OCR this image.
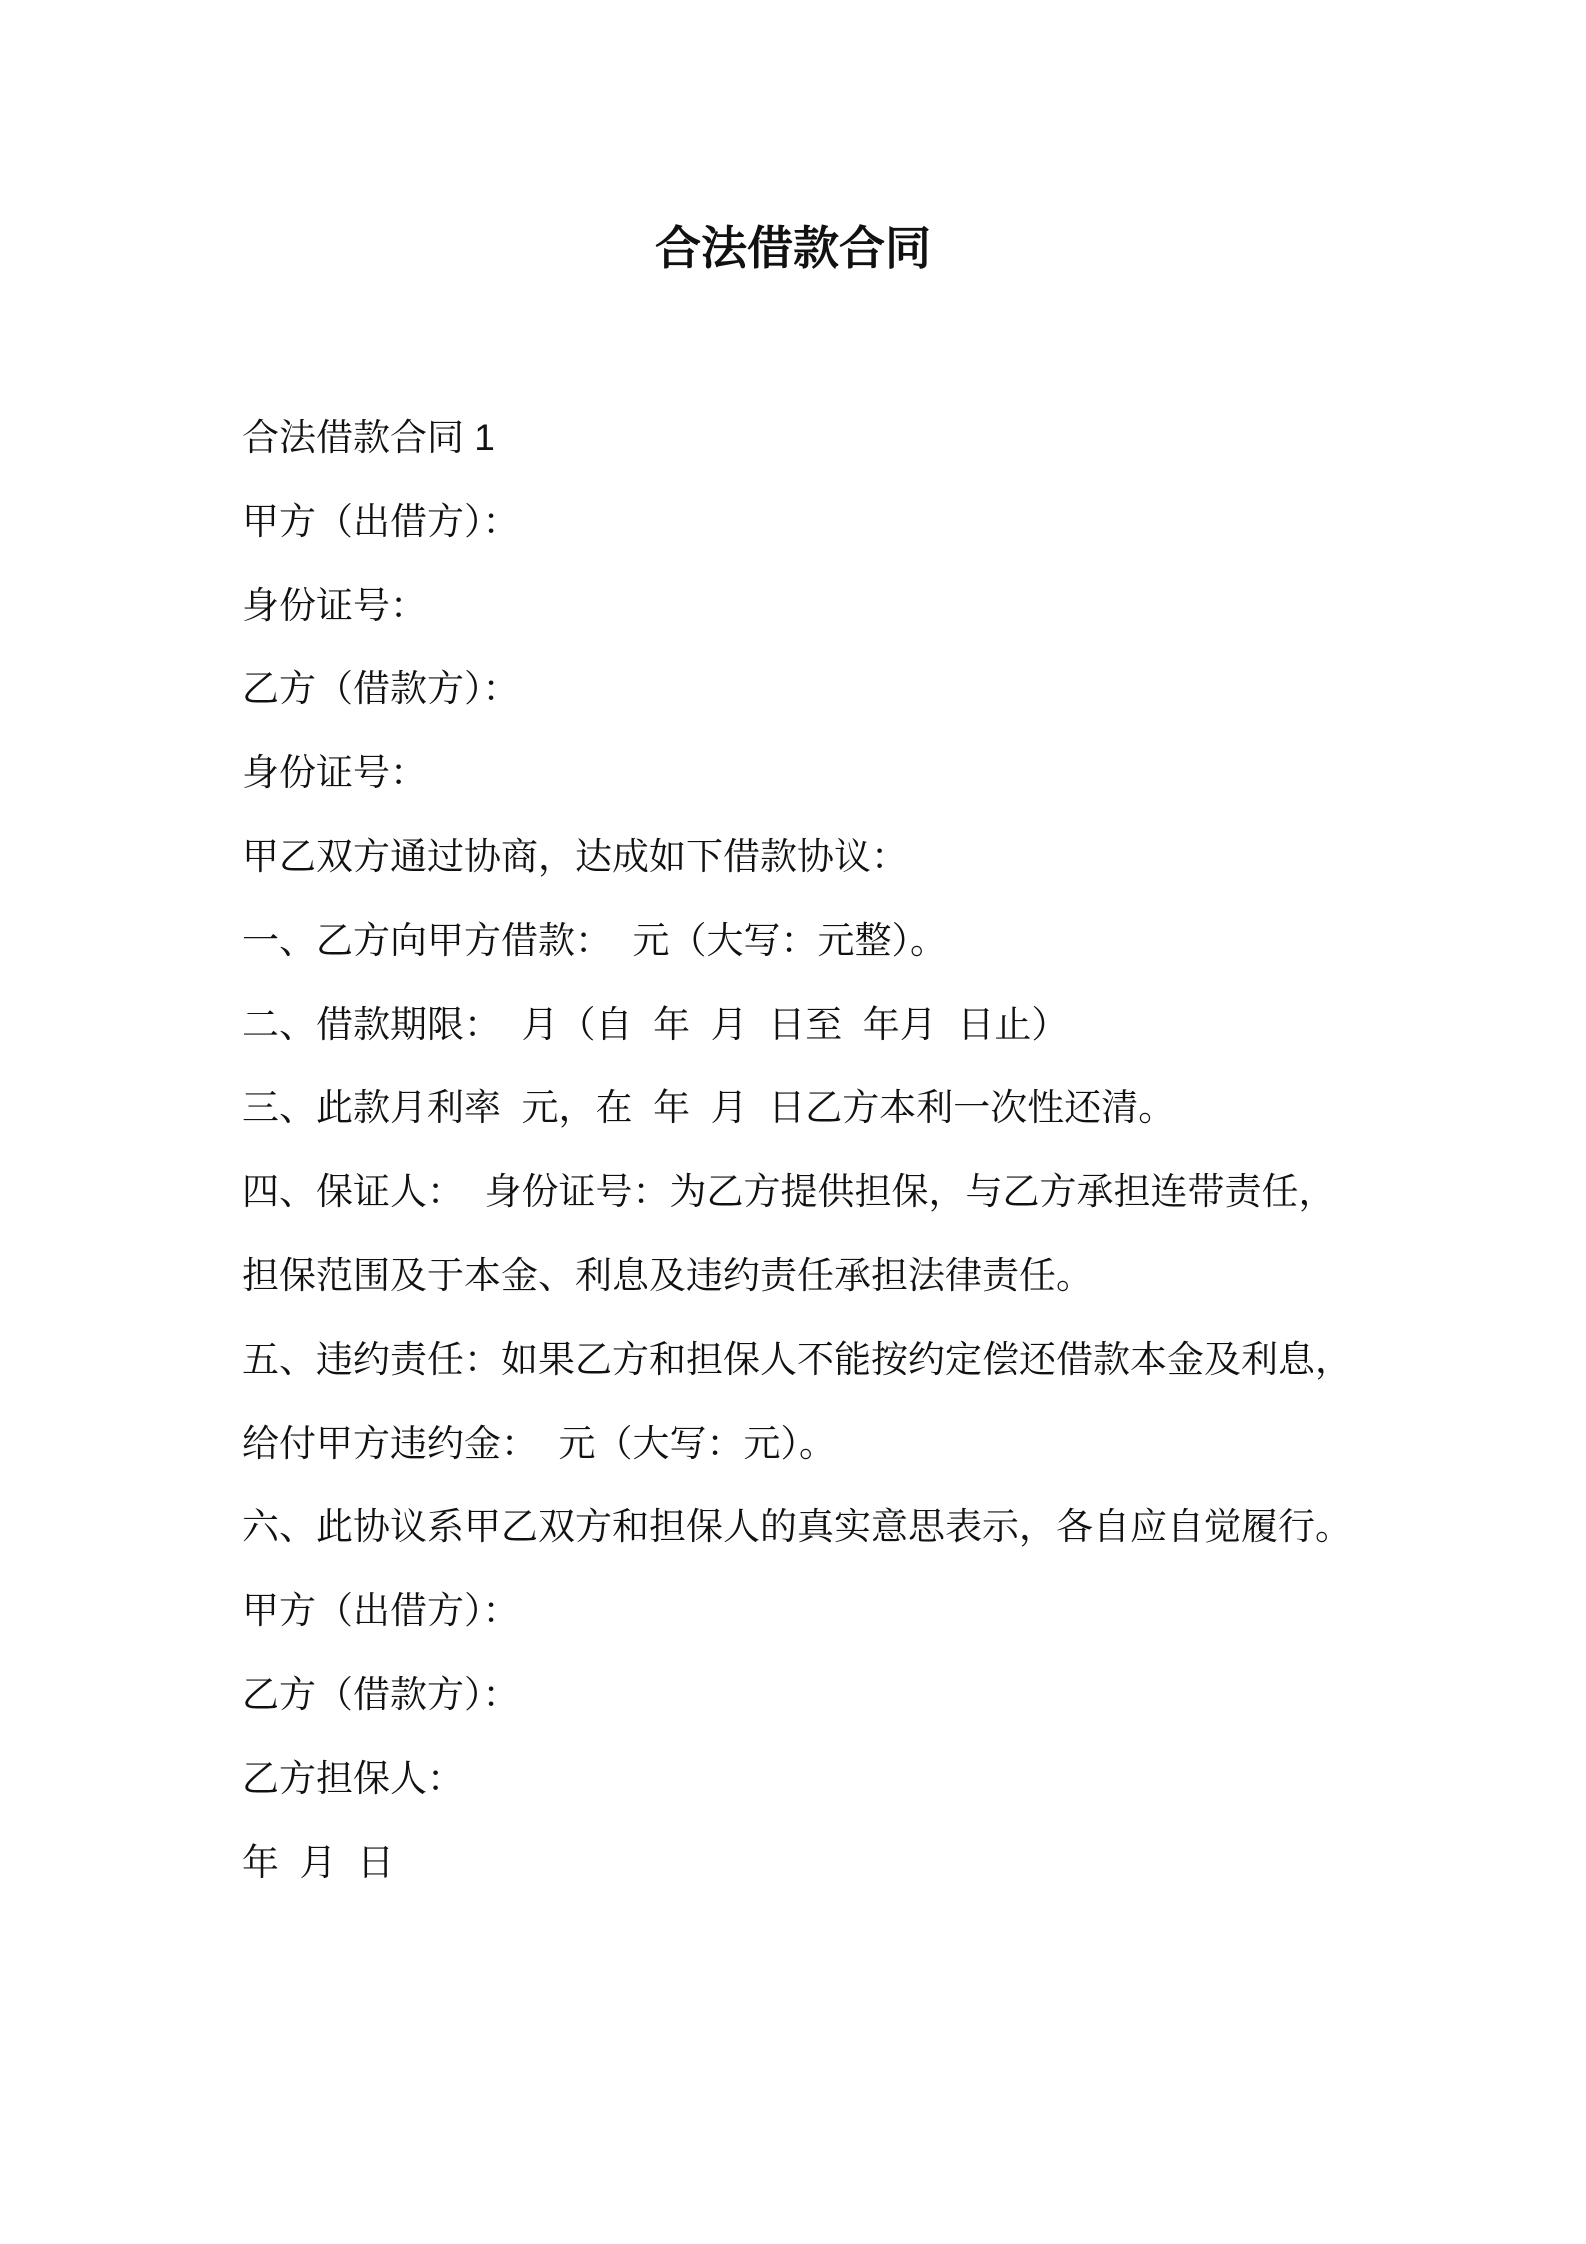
合法借款合同
合法借款合同 1
甲方（出借方）：
身份证号：
乙方（借款方）：
身份证号：
甲乙双方通过协商，达成如下借款协议：
一、乙方向甲方借款：  元（大写：元整）。
二、借款期限：  月（自  年  月  日至  年月  日止）
三、此款月利率  元，在  年  月  日乙方本利一次性还清。
四、保证人：  身份证号：为乙方提供担保，与乙方承担连带责任，
担保范围及于本金、利息及违约责任承担法律责任。
五、违约责任：如果乙方和担保人不能按约定偿还借款本金及利息，
给付甲方违约金：  元（大写：元）。
六、此协议系甲乙双方和担保人的真实意思表示，各自应自觉履行。
甲方（出借方）：
乙方（借款方）：
乙方担保人：
年  月  日
